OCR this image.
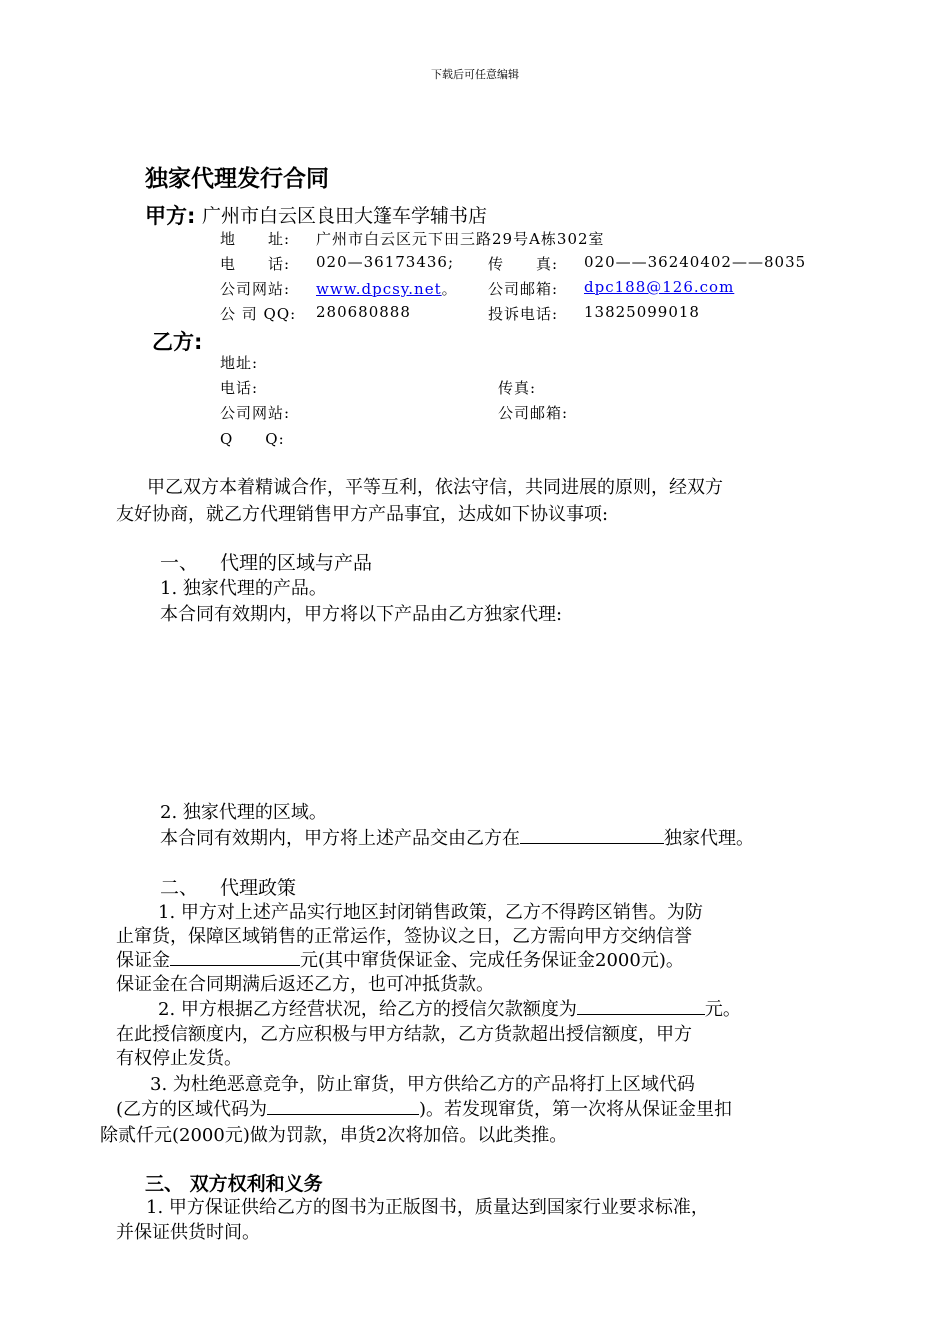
下载后可任意编辑
独家代理发行合同
甲方: 广州市白云区良田大篷车学辅书店
地　　址: 广州市白云区元下田三路29号A栋302室
电　　话: 020—36173436; 传　　真: 020——36240402——8035
公司网站: www.dpcsy.net。 公司邮箱: dpc188@126.com
公 司 QQ: 280680888	投诉电话: 13825099018
乙方:
地址:
电话:	传真:
公司网站:	公司邮箱:
Q　　Q:
甲乙双方本着精诚合作，平等互利，依法守信，共同进展的原则，经双方
友好协商，就乙方代理销售甲方产品事宜，达成如下协议事项:
一、 代理的区域与产品
1. 独家代理的产品。
本合同有效期内，甲方将以下产品由乙方独家代理:
2. 独家代理的区域。
本合同有效期内，甲方将上述产品交由乙方在	独家代理。
二、 代理政策
1. 甲方对上述产品实行地区封闭销售政策，乙方不得跨区销售。为防
止窜货，保障区域销售的正常运作，签协议之日，乙方需向甲方交纳信誉
保证金	元(其中窜货保证金、完成任务保证金2000元)。
保证金在合同期满后返还乙方，也可冲抵货款。
2. 甲方根据乙方经营状况，给乙方的授信欠款额度为	元。
在此授信额度内，乙方应积极与甲方结款，乙方货款超出授信额度，甲方
有权停止发货。
3. 为杜绝恶意竞争，防止窜货，甲方供给乙方的产品将打上区域代码
(乙方的区域代码为	)。若发现窜货，第一次将从保证金里扣
除贰仟元(2000元)做为罚款，串货2次将加倍。以此类推。
三、 双方权利和义务
1. 甲方保证供给乙方的图书为正版图书，质量达到国家行业要求标准，
并保证供货时间。
